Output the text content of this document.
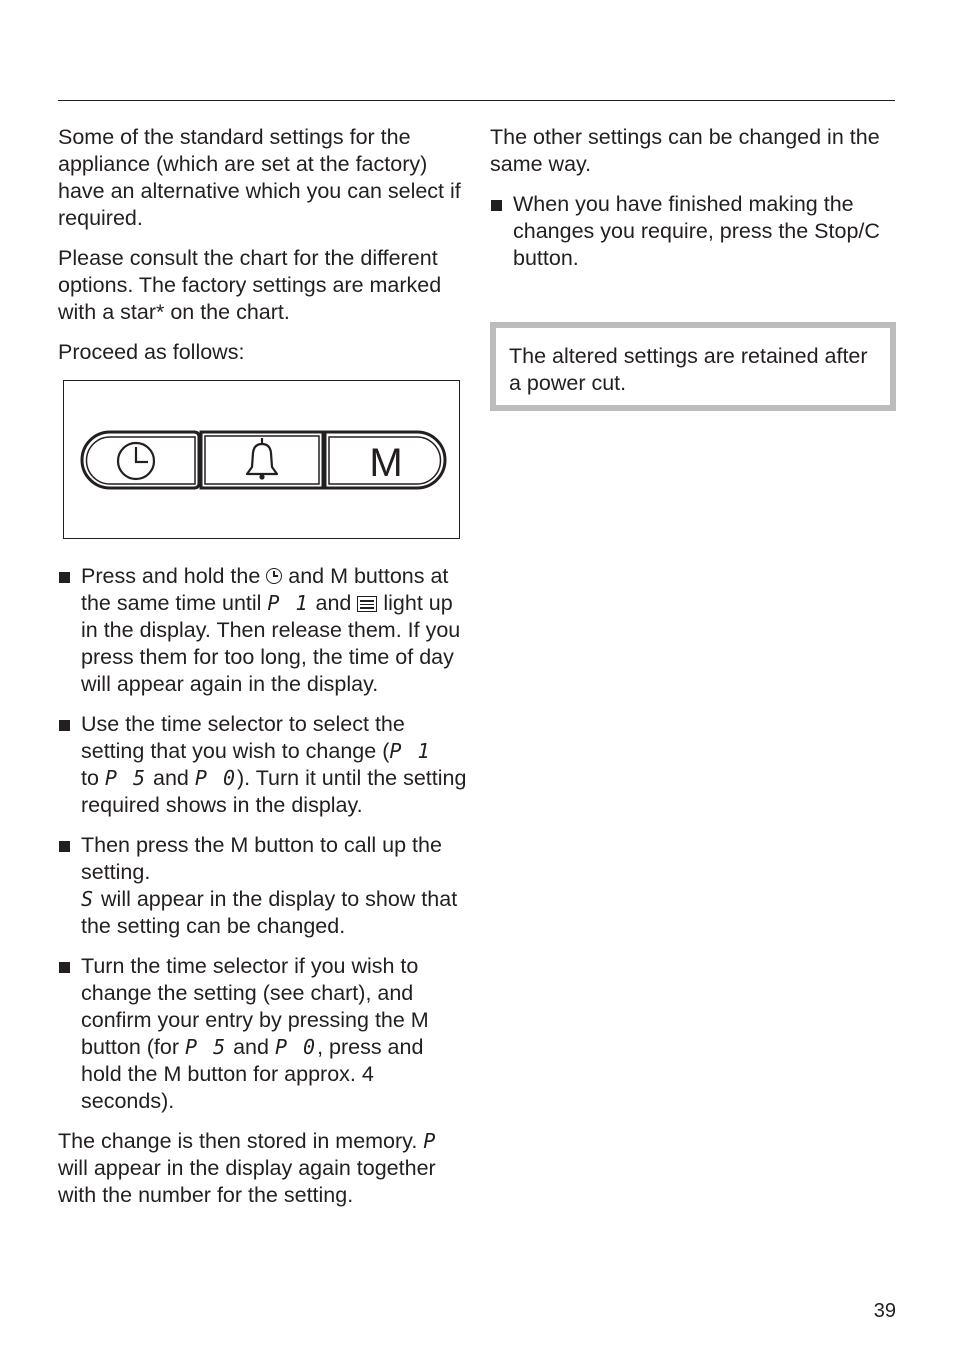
Some of the standard settings for the appliance (which are set at the factory) have an alternative which you can select if required.

Please consult the chart for the different options. The factory settings are marked with a star* on the chart.

Proceed as follows:

M
Press and hold the  and M buttons at the same time until P 1 and
light up in the display. Then release them. If you press them for too long, the time of day will appear again in the display.
Use the time selector to select the setting that you wish to change (P 1
to P 5 and P 0). Turn it until the setting required shows in the display.
Then press the M button to call up the setting.
S will appear in the display to show that the setting can be changed.
Turn the time selector if you wish to change the setting (see chart), and confirm your entry by pressing the M button (for P 5 and P 0, press and hold the M button for approx. 4 seconds).

The change is then stored in memory. P will appear in the display again together with the number for the setting.

The other settings can be changed in the same way.

When you have finished making the changes you require, press the Stop/C button.

The altered settings are retained after a power cut.

39
